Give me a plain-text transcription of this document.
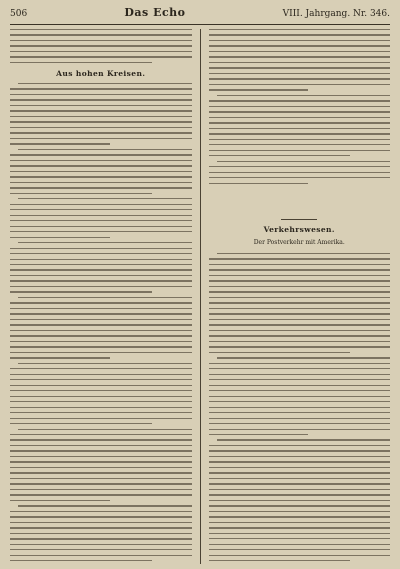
506	Das Echo	VIII. Jahrgang. Nr. 346.
Aus hohen Kreisen.
Verkehrswesen.
Der Postverkehr mit Amerika.
